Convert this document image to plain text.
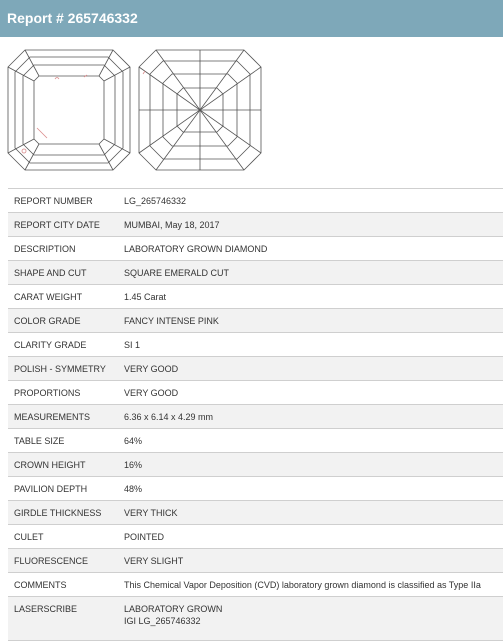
Report # 265746332
REPORT NUMBER	LG_265746332
REPORT CITY DATE	MUMBAI, May 18, 2017
DESCRIPTION	LABORATORY GROWN DIAMOND
SHAPE AND CUT	SQUARE EMERALD CUT
CARAT WEIGHT	1.45 Carat
COLOR GRADE	FANCY INTENSE PINK
CLARITY GRADE	SI 1
POLISH - SYMMETRY	VERY GOOD
PROPORTIONS	VERY GOOD
MEASUREMENTS	6.36 x 6.14 x 4.29 mm
TABLE SIZE	64%
CROWN HEIGHT	16%
PAVILION DEPTH	48%
GIRDLE THICKNESS	VERY THICK
CULET	POINTED
FLUORESCENCE	VERY SLIGHT
COMMENTS	This Chemical Vapor Deposition (CVD) laboratory grown diamond is classified as Type IIa
LASERSCRIBE	LABORATORY GROWN
IGI LG_265746332
